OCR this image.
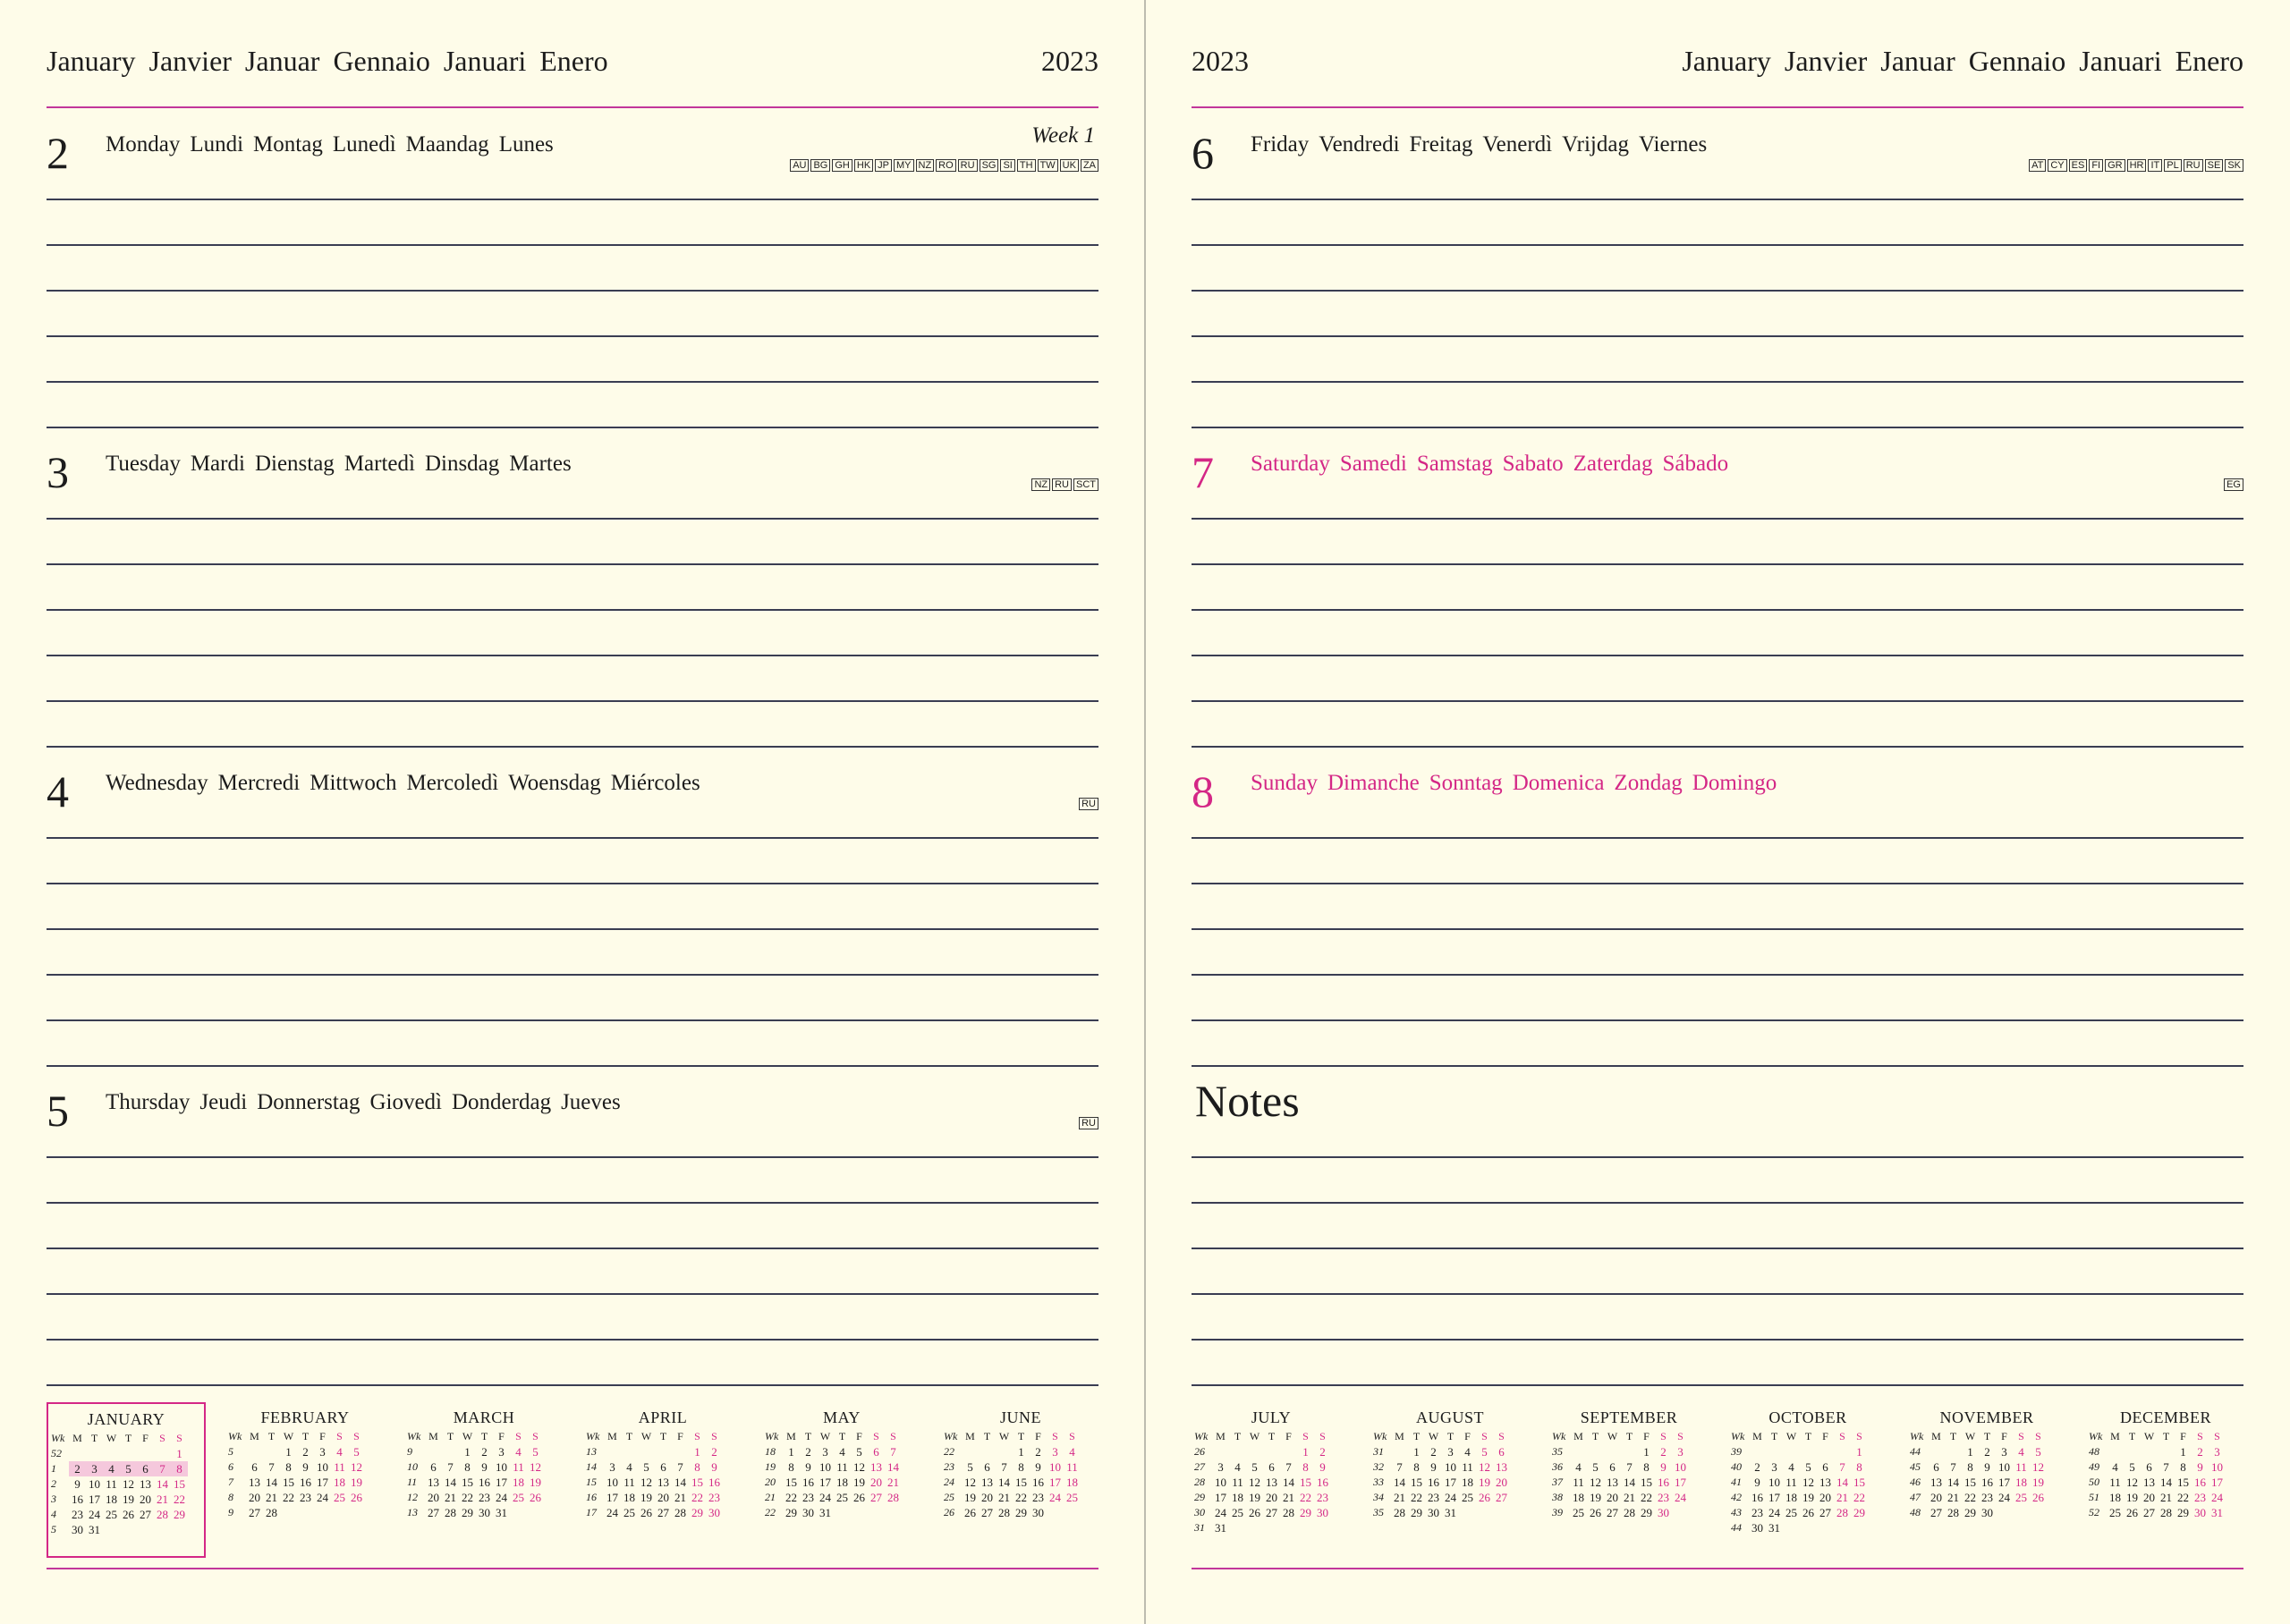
January Janvier Januar Gennaio Januari Enero	2023
2 Monday Lundi Montag Lunedì Maandag Lunes	Week 1
AU BG GH HK JP MY NZ RO RU SG SI TH TW UK ZA
3 Tuesday Mardi Dienstag Martedì Dinsdag Martes
NZ RU SCT
4 Wednesday Mercredi Mittwoch Mercoledì Woensdag Miércoles
RU
5 Thursday Jeudi Donnerstag Giovedì Donderdag Jueves
RU
JANUARY
Wk	M	T	W	T	F	S	S
52							1
1	2	3	4	5	6	7	8
2	9	10	11	12	13	14	15
3	16	17	18	19	20	21	22
4	23	24	25	26	27	28	29
5	30	31					
FEBRUARY
Wk	M	T	W	T	F	S	S
5			1	2	3	4	5
6	6	7	8	9	10	11	12
7	13	14	15	16	17	18	19
8	20	21	22	23	24	25	26
9	27	28					
MARCH
Wk	M	T	W	T	F	S	S
9			1	2	3	4	5
10	6	7	8	9	10	11	12
11	13	14	15	16	17	18	19
12	20	21	22	23	24	25	26
13	27	28	29	30	31		
APRIL
Wk	M	T	W	T	F	S	S
13						1	2
14	3	4	5	6	7	8	9
15	10	11	12	13	14	15	16
16	17	18	19	20	21	22	23
17	24	25	26	27	28	29	30
MAY
Wk	M	T	W	T	F	S	S
18	1	2	3	4	5	6	7
19	8	9	10	11	12	13	14
20	15	16	17	18	19	20	21
21	22	23	24	25	26	27	28
22	29	30	31				
JUNE
Wk	M	T	W	T	F	S	S
22				1	2	3	4
23	5	6	7	8	9	10	11
24	12	13	14	15	16	17	18
25	19	20	21	22	23	24	25
26	26	27	28	29	30		
2023	January Janvier Januar Gennaio Januari Enero
6 Friday Vendredi Freitag Venerdì Vrijdag Viernes
AT CY ES FI GR HR IT PL RU SE SK
7 Saturday Samedi Samstag Sabato Zaterdag Sábado
EG
8 Sunday Dimanche Sonntag Domenica Zondag Domingo
Notes
JULY
Wk	M	T	W	T	F	S	S
26						1	2
27	3	4	5	6	7	8	9
28	10	11	12	13	14	15	16
29	17	18	19	20	21	22	23
30	24	25	26	27	28	29	30
31	31						
AUGUST
Wk	M	T	W	T	F	S	S
31		1	2	3	4	5	6
32	7	8	9	10	11	12	13
33	14	15	16	17	18	19	20
34	21	22	23	24	25	26	27
35	28	29	30	31			
SEPTEMBER
Wk	M	T	W	T	F	S	S
35					1	2	3
36	4	5	6	7	8	9	10
37	11	12	13	14	15	16	17
38	18	19	20	21	22	23	24
39	25	26	27	28	29	30	
OCTOBER
Wk	M	T	W	T	F	S	S
39							1
40	2	3	4	5	6	7	8
41	9	10	11	12	13	14	15
42	16	17	18	19	20	21	22
43	23	24	25	26	27	28	29
44	30	31					
NOVEMBER
Wk	M	T	W	T	F	S	S
44			1	2	3	4	5
45	6	7	8	9	10	11	12
46	13	14	15	16	17	18	19
47	20	21	22	23	24	25	26
48	27	28	29	30			
DECEMBER
Wk	M	T	W	T	F	S	S
48					1	2	3
49	4	5	6	7	8	9	10
50	11	12	13	14	15	16	17
51	18	19	20	21	22	23	24
52	25	26	27	28	29	30	31
